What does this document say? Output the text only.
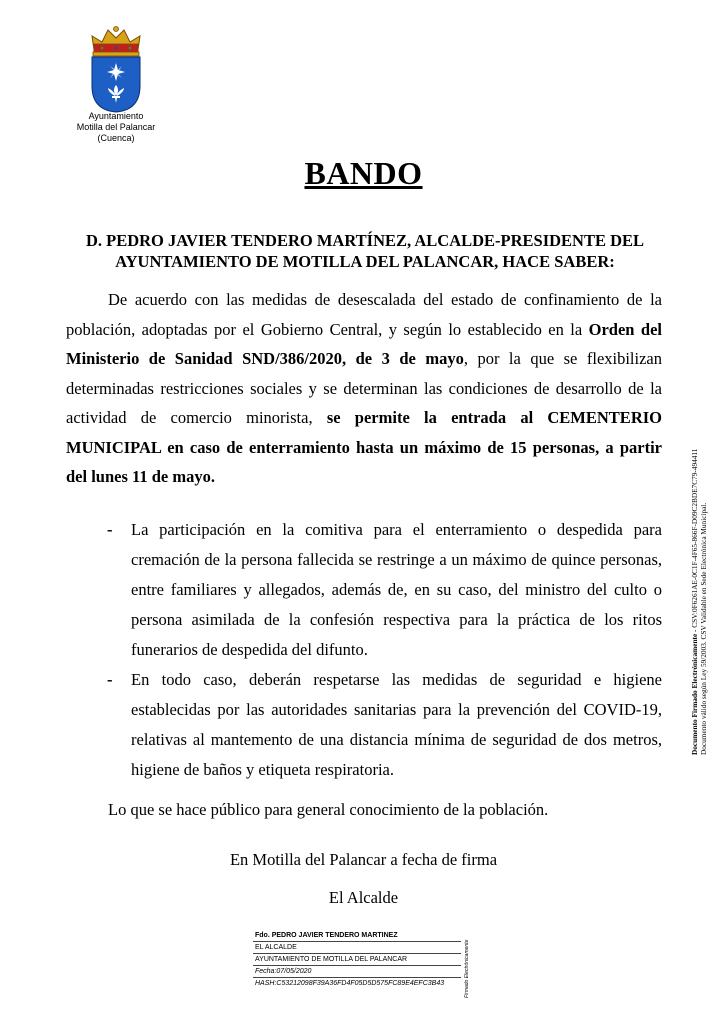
Ayuntamiento
Motilla del Palancar
(Cuenca)
BANDO
D. PEDRO JAVIER TENDERO MARTÍNEZ, ALCALDE-PRESIDENTE DEL
AYUNTAMIENTO DE MOTILLA DEL PALANCAR, HACE SABER:
De acuerdo con las medidas de desescalada del estado de confinamiento de la población, adoptadas por el Gobierno Central, y según lo establecido en la Orden del Ministerio de Sanidad SND/386/2020, de 3 de mayo, por la que se flexibilizan determinadas restricciones sociales y se determinan las condiciones de desarrollo de la actividad de comercio minorista, se permite la entrada al CEMENTERIO MUNICIPAL en caso de enterramiento hasta un máximo de 15 personas, a partir del lunes 11 de mayo.
-	La participación en la comitiva para el enterramiento o despedida para cremación de la persona fallecida se restringe a un máximo de quince personas, entre familiares y allegados, además de, en su caso, del ministro del culto o persona asimilada de la confesión respectiva para la práctica de los ritos funerarios de despedida del difunto.
-	En todo caso, deberán respetarse las medidas de seguridad e higiene establecidas por las autoridades sanitarias para la prevención del COVID-19, relativas al mantemento de una distancia mínima de seguridad de dos metros, higiene de baños y etiqueta respiratoria.
Lo que se hace público para general conocimiento de la población.
En Motilla del Palancar a fecha de firma
El Alcalde
Fdo. PEDRO JAVIER TENDERO MARTINEZ
EL ALCALDE
AYUNTAMIENTO DE MOTILLA DEL PALANCAR
Fecha:07/05/2020
HASH:C53212098F39A36FD4F05D5D575FC89E4EFC3B43	Firmado Electrónicamente
Documento Firmado Electrónicamente - CSV:0F6261AE-0C1F-4F65-866F-D09C2BDE7C79-494411 Documento válido según Ley 59/2003. CSV Validable en Sede Electrónica Municipal.
